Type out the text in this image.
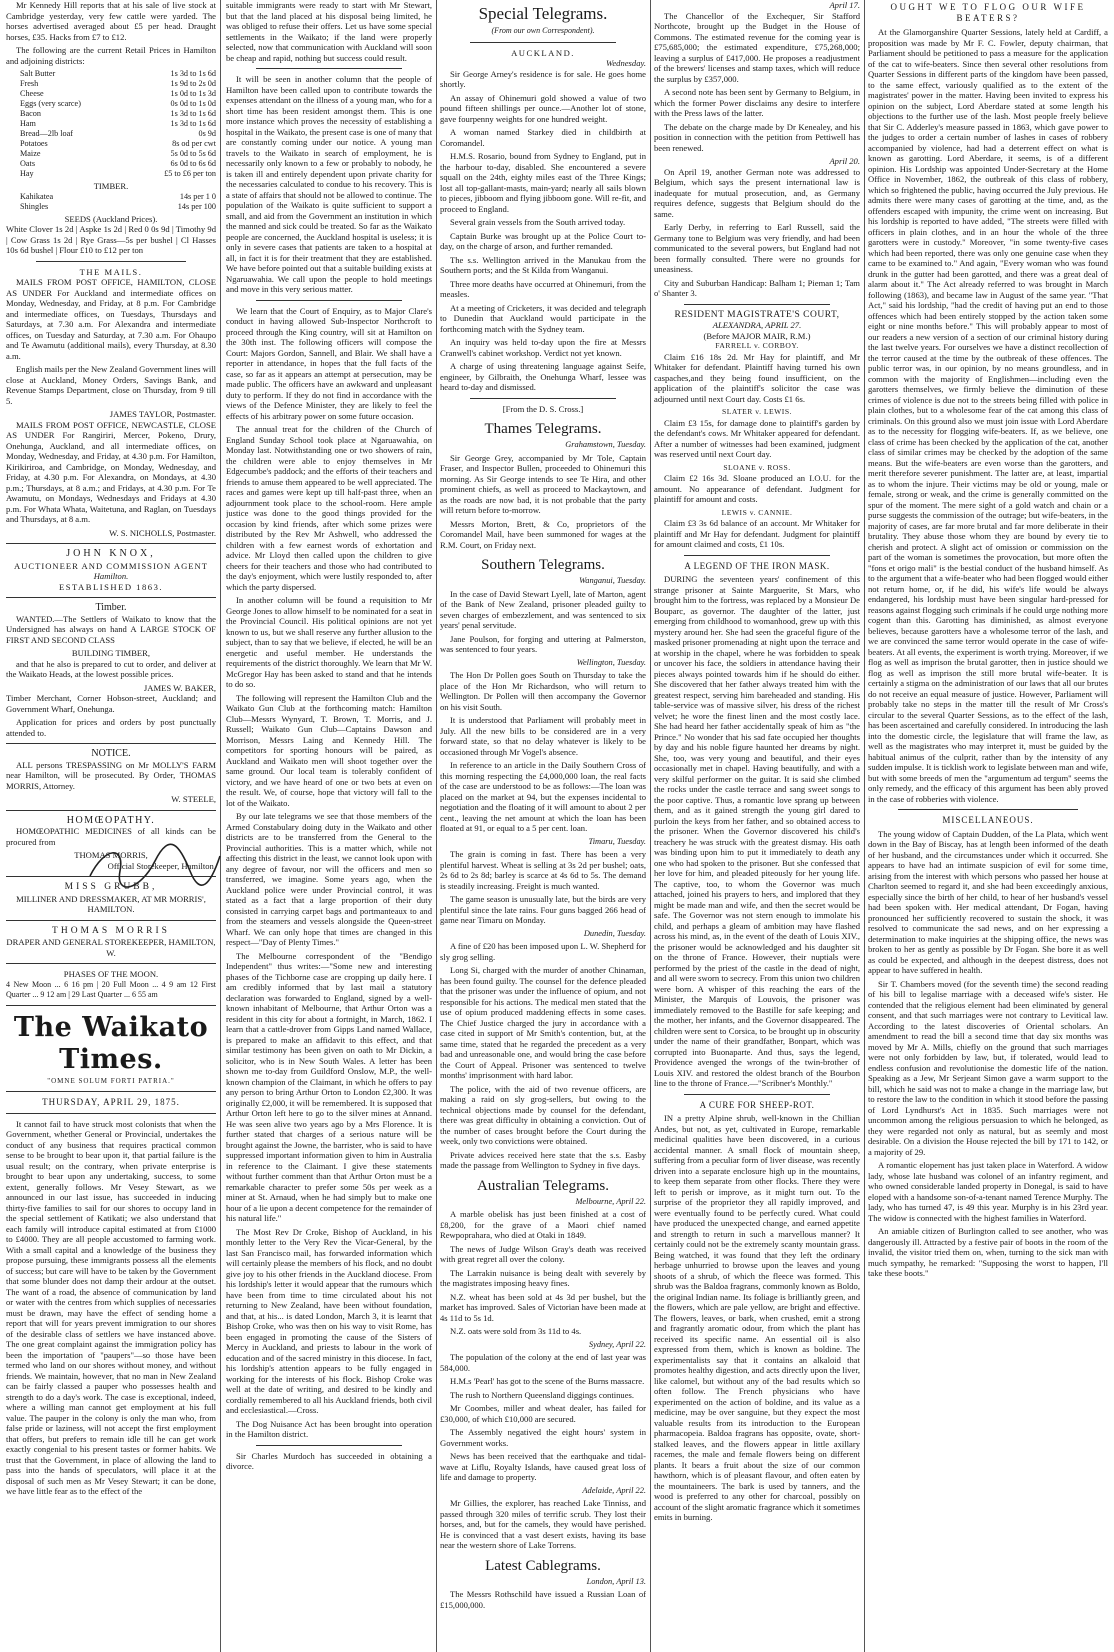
Mr Kennedy Hill reports that at his sale of live stock at Cambridge yesterday, very few cattle were yarded. The horses advertised averaged about £5 per head. Draught horses, £35. Hacks from £7 to £12.

The following are the current Retail Prices in Hamilton and adjoining districts:

Salt Butter	1s 3d to 1s 6d
Fresh	1s 9d to 2s 0d
Cheese	1s 0d to 1s 3d
Eggs (very scarce)	0s 0d to 1s 0d
Bacon	1s 3d to 1s 6d
Ham	1s 3d to 1s 6d
Bread—2lb loaf	0s 9d
Potatoes	8s od per cwt
Maize	5s 0d to 5s 6d
Oats	6s 0d to 6s 6d
Hay	£5 to £6 per ton
TIMBER.
Kahikatea	14s per 1 0
Shingles	14s per 100
SEEDS (Auckland Prices).

White Clover 1s 2d | Aspke 1s 2d | Red 0 0s 9d | Timothy 9d | Cow Grass 1s 2d | Rye Grass—5s per bushel | Cl Hasses 10s 6d bushel | Flour £10 to £12 per ton

THE MAILS.

MAILS FROM POST OFFICE, HAMILTON, CLOSE AS UNDER For Auckland and intermediate offices on Monday, Wednesday, and Friday, at 8 p.m. For Cambridge and intermediate offices, on Tuesdays, Thursdays and Saturdays, at 7.30 a.m. For Alexandra and intermediate offices, on Tuesday and Saturday, at 7.30 a.m. For Ohaupo and Te Awamutu (additional mails), every Thursday, at 8.30 a.m.

English mails per the New Zealand Government lines will close at Auckland, Money Orders, Savings Bank, and Revenue Stamps Department, close on Thursday, from 9 till 5.

JAMES TAYLOR, Postmaster.

MAILS FROM POST OFFICE, NEWCASTLE, CLOSE AS UNDER For Rangiriri, Mercer, Pokeno, Drury, Onehunga, Auckland, and all intermediate offices, on Monday, Wednesday, and Friday, at 4.30 p.m. For Hamilton, Kirikiriroa, and Cambridge, on Monday, Wednesday, and Friday, at 4.30 p.m. For Alexandra, on Mondays, at 4.30 p.m.; Thursdays, at 8 a.m.; and Fridays, at 4.30 p.m. For Te Awamutu, on Mondays, Wednesdays and Fridays at 4.30 p.m. For Whata Whata, Waitetuna, and Raglan, on Tuesdays and Thursdays, at 8 a.m.

W. S. NICHOLLS, Postmaster.
JOHN KNOX,
AUCTIONEER AND COMMISSION AGENT
Hamilton.
ESTABLISHED 1863.
Timber.

WANTED.—The Settlers of Waikato to know that the Undersigned has always on hand A LARGE STOCK OF FIRST AND SECOND CLASS

BUILDING TIMBER,

and that he also is prepared to cut to order, and deliver at the Waikato Heads, at the lowest possible prices.

JAMES W. BAKER,

Timber Merchant, Corner Hobson-street, Auckland; and Government Wharf, Onehunga.

Application for prices and orders by post punctually attended to.

NOTICE.

ALL persons TRESPASSING on Mr MOLLY'S FARM near Hamilton, will be prosecuted. By Order, THOMAS MORRIS, Attorney.

W. STEELE,
HOMŒOPATHY.

HOMŒOPATHIC MEDICINES of all kinds can be procured from

THOMAS MORRIS,
Official Storekeeper, Hamilton.
MISS GRUBB,
MILLINER AND DRESSMAKER, AT MR MORRIS', HAMILTON.
THOMAS MORRIS
DRAPER AND GENERAL STOREKEEPER, HAMILTON, W.
PHASES OF THE MOON.

4 New Moon ... 6 16 pm | 20 Full Moon ... 4 9 am 12 First Quarter ... 9 12 am | 29 Last Quarter ... 6 55 am

The Waikato Times.
"OMNE SOLUM FORTI PATRIA."
THURSDAY, APRIL 29, 1875.

It cannot fail to have struck most colonists that when the Government, whether General or Provincial, undertakes the conduct of any business that requires practical common sense to be brought to bear upon it, that partial failure is the usual result; on the contrary, when private enterprise is brought to bear upon any undertaking, success, to some extent, generally follows. Mr Vesey Stewart, as we announced in our last issue, has succeeded in inducing thirty-five families to sail for our shores to occupy land in the special settlement of Katikati; we also understand that each family will introduce capital estimated at from £1000 to £4000. They are all people accustomed to farming work. With a small capital and a knowledge of the business they propose pursuing, these immigrants possess all the elements of success; but care will have to be taken by the Government that some blunder does not damp their ardour at the outset. The want of a road, the absence of communication by land or water with the centres from which supplies of necessaries must be drawn, may have the effect of sending home a report that will for years prevent immigration to our shores of the desirable class of settlers we have instanced above. The one great complaint against the immigration policy has been the importation of "paupers"—so those have been termed who land on our shores without money, and without friends. We maintain, however, that no man in New Zealand can be fairly classed a pauper who possesses health and strength to do a day's work. The case is exceptional, indeed, where a willing man cannot get employment at his full value. The pauper in the colony is only the man who, from false pride or laziness, will not accept the first employment that offers, but prefers to remain idle till he can get work exactly congenial to his present tastes or former habits. We trust that the Government, in place of allowing the land to pass into the hands of speculators, will place it at the disposal of such men as Mr Vesey Stewart; it can be done, we have little fear as to the effect of the

suitable immigrants were ready to start with Mr Stewart, but that the land placed at his disposal being limited, he was obliged to refuse their offers. Let us have some special settlements in the Waikato; if the land were properly selected, now that communication with Auckland will soon be cheap and rapid, nothing but success could result.

It will be seen in another column that the people of Hamilton have been called upon to contribute towards the expenses attendant on the illness of a young man, who for a short time has been resident amongst them. This is one more instance which proves the necessity of establishing a hospital in the Waikato, the present case is one of many that are constantly coming under our notice. A young man travels to the Waikato in search of employment, he is necessarily only known to a few or probably to nobody, he is taken ill and entirely dependent upon private charity for the necessaries calculated to condue to his recovery. This is a state of affairs that should not be allowed to continue. The population of the Waikato is quite sufficient to support a small, and aid from the Government an institution in which the manned and sick could be treated. So far as the Waikato people are concerned, the Auckland hospital is useless; it is only in severe cases that patients are taken to a hospital at all, in fact it is for their treatment that they are established. We have before pointed out that a suitable building exists at Ngaruawahia. We call upon the people to hold meetings and move in this very serious matter.

We learn that the Court of Enquiry, as to Major Clare's conduct in having allowed Sub-Inspector Northcroft to proceed through the King country, will sit at Hamilton on the 30th inst. The following officers will compose the Court: Majors Gordon, Sannell, and Blair. We shall have a reporter in attendance, in hopes that the full facts of the case, so far as it appears an attempt at persecution, may be made public. The officers have an awkward and unpleasant duty to perform. If they do not find in accordance with the views of the Defence Minister, they are likely to feel the effects of his arbitrary power on some future occasion.

The annual treat for the children of the Church of England Sunday School took place at Ngaruawahia, on Monday last. Notwithstanding one or two showers of rain, the children were able to enjoy themselves in Mr Edgecumbe's paddock; and the efforts of their teachers and friends to amuse them appeared to be well appreciated. The races and games were kept up till half-past three, when an adjournment took place to the school-room. Here ample justice was done to the good things provided for the occasion by kind friends, after which some prizes were distributed by the Rev Mr Ashwell, who addressed the children with a few earnest words of exhortation and advice. Mr Lloyd then called upon the children to give cheers for their teachers and those who had contributed to the day's enjoyment, which were lustily responded to, after which the party dispersed.

In another column will be found a requisition to Mr George Jones to allow himself to be nominated for a seat in the Provincial Council. His political opinions are not yet known to us, but we shall reserve any further allusion to the subject, than to say that we believe, if elected, he will be an energetic and useful member. He understands the requirements of the district thoroughly. We learn that Mr W. McGregor Hay has been asked to stand and that he intends to do so.

The following will represent the Hamilton Club and the Waikato Gun Club at the forthcoming match: Hamilton Club—Messrs Wynyard, T. Brown, T. Morris, and J. Russell; Waikato Gun Club—Captains Dawson and Morrison, Messrs Laing and Kennedy Hill. The competitors for sporting honours will be paired, as Auckland and Waikato men will shoot together over the same ground. Our local team is tolerably confident of victory, and we have heard of one or two bets at even on the result. We, of course, hope that victory will fall to the lot of the Waikato.

By our late telegrams we see that those members of the Armed Constabulary doing duty in the Waikato and other districts are to be transferred from the General to the Provincial authorities. This is a matter which, while not affecting this district in the least, we cannot look upon with any degree of favour, nor will the officers and men so transferred, we imagine. Some years ago, when the Auckland police were under Provincial control, it was stated as a fact that a large proportion of their duty consisted in carrying carpet bags and portmanteaux to and from the steamers and vessels alongside the Queen-street Wharf. We can only hope that times are changed in this respect—"Day of Plenty Times."

The Melbourne correspondent of the "Bendigo Independent" thus writes:—"Some new and interesting phases of the Tichborne case are cropping up daily here. I am credibly informed that by last mail a statutory declaration was forwarded to England, signed by a well-known inhabitant of Melbourne, that Arthur Orton was a resident in this city for about a fortnight, in March, 1862. I learn that a cattle-drover from Gipps Land named Wallace, is prepared to make an affidavit to this effect, and that similar testimony has been given on oath to Mr Dickin, a solicitor, who is in New South Wales. A letter has been shown me to-day from Guildford Onslow, M.P., the well-known champion of the Claimant, in which he offers to pay any person to bring Arthur Orton to London £2,300. It was originally £2,000, it will be remembered. It is supposed that Arthur Orton left here to go to the silver mines at Annand. He was seen alive two years ago by a Mrs Florence. It is further stated that charges of a serious nature will be brought against the Jowne, the barrister, who is said to have suppressed important information given to him in Australia in reference to the Claimant. I give these statements without further comment than that Arthur Orton must be a remarkable character to prefer some 50s per week as a miner at St. Arnaud, when he had simply but to make one hour of a lie upon a decent competence for the remainder of his natural life."

The Most Rev Dr Croke, Bishop of Auckland, in his monthly letter to the Very Rev the Vicar-General, by the last San Francisco mail, has forwarded information which will certainly please the members of his flock, and no doubt give joy to his other friends in the Auckland diocese. From his lordship's letter it would appear that the rumours which have been from time to time circulated about his not returning to New Zealand, have been without foundation, and that, at his... is dated London, March 3, it is learnt that Bishop Croke, who was then on his way to visit Rome, has been engaged in promoting the cause of the Sisters of Mercy in Auckland, and priests to labour in the work of education and of the sacred ministry in this diocese. In fact, his lordship's attention appears to be fully engaged in working for the interests of his flock. Bishop Croke was well at the date of writing, and desired to be kindly and cordially remembered to all his Auckland friends, both civil and ecclesiastical.—Cross.

The Dog Nuisance Act has been brought into operation in the Hamilton district.

Sir Charles Murdoch has succeeded in obtaining a divorce.

Special Telegrams.
(From our own Correspondent).
AUCKLAND.
Wednesday.

Sir George Arney's residence is for sale. He goes home shortly.

An assay of Ohinemuri gold showed a value of two pound fifteen shillings per ounce.—Another lot of stone, gave fourpenny weights for one hundred weight.

A woman named Starkey died in childbirth at Coromandel.

H.M.S. Rosario, bound from Sydney to England, put in the harbour to-day, disabled. She encountered a severe squall on the 24th, eighty miles east of the Three Kings; lost all top-gallant-masts, main-yard; nearly all sails blown to pieces, jibboom and flying jibboom gone. Will re-fit, and proceed to England.

Several grain vessels from the South arrived today.

Captain Burke was brought up at the Police Court to-day, on the charge of arson, and further remanded.

The s.s. Wellington arrived in the Manukau from the Southern ports; and the St Kilda from Wanganui.

Three more deaths have occurred at Ohinemuri, from the measles.

At a meeting of Cricketers, it was decided and telegraph to Dunedin that Auckland would participate in the forthcoming match with the Sydney team.

An inquiry was held to-day upon the fire at Messrs Cranwell's cabinet workshop. Verdict not yet known.

A charge of using threatening language against Seife, engineer, by Gilbraith, the Onehunga Wharf, lessee was heard to-day and dismissed.

[From the D. S. Cross.]
Thames Telegrams.
Grahamstown, Tuesday.

Sir George Grey, accompanied by Mr Tole, Captain Fraser, and Inspector Bullen, proceeded to Ohinemuri this morning. As Sir George intends to see Te Hira, and other prominent chiefs, as well as proceed to Mackaytown, and as the roads are now bad, it is not probable that the party will return before to-morrow.

Messrs Morton, Brett, & Co, proprietors of the Coromandel Mail, have been summoned for wages at the R.M. Court, on Friday next.

Southern Telegrams.
Wanganui, Tuesday.

In the case of David Stewart Lyell, late of Marton, agent of the Bank of New Zealand, prisoner pleaded guilty to seven charges of embezzlement, and was sentenced to six years' penal servitude.

Jane Poulson, for forging and uttering at Palmerston, was sentenced to four years.

Wellington, Tuesday.

The Hon Dr Pollen goes South on Thursday to take the place of the Hon Mr Richardson, who will return to Wellington. Dr Pollen will then accompany the Governor on his visit South.

It is understood that Parliament will probably meet in July. All the new bills to be considered are in a very forward state, so that no delay whatever is likely to be occasioned through Mr Vogel's absence.

In reference to an article in the Daily Southern Cross of this morning respecting the £4,000,000 loan, the real facts of the case are understood to be as follows:—The loan was placed on the market at 94, but the expenses incidental to negotiation and the floating of it will amount to about 2 per cent., leaving the net amount at which the loan has been floated at 91, or equal to a 5 per cent. loan.

Timaru, Tuesday.

The grain is coming in fast. There has been a very plentiful harvest. Wheat is selling at 3s 2d per bushel; oats, 2s 6d to 2s 8d; barley is scarce at 4s 6d to 5s. The demand is steadily increasing. Freight is much wanted.

The game season is unusually late, but the birds are very plentiful since the late rains. Four guns bagged 266 head of game near Timaru on Monday.

Dunedin, Tuesday.

A fine of £20 has been imposed upon L. W. Shepherd for sly grog selling.

Long Si, charged with the murder of another Chinaman, has been found guilty. The counsel for the defence pleaded that the prisoner was under the influence of opium, and not responsible for his actions. The medical men stated that the use of opium produced maddening effects in some cases. The Chief Justice charged the jury in accordance with a case cited in support of Mr Smith's contention, but, at the same time, stated that he regarded the precedent as a very bad and unreasonable one, and would bring the case before the Court of Appeal. Prisoner was sentenced to twelve months' imprisonment with hard labor.

The police, with the aid of two revenue officers, are making a raid on sly grog-sellers, but owing to the technical objections made by counsel for the defendant, there was great difficulty in obtaining a conviction. Out of the number of cases brought before the Court during the week, only two convictions were obtained.

Private advices received here state that the s.s. Easby made the passage from Wellington to Sydney in five days.

Australian Telegrams.
Melbourne, April 22.

A marble obelisk has just been finished at a cost of £8,200, for the grave of a Maori chief named Rewpoprahara, who died at Otaki in 1849.

The news of Judge Wilson Gray's death was received with great regret all over the colony.

The Larrakin nuisance is being dealt with severely by the magistrates imposing heavy fines.

N.Z. wheat has been sold at 4s 3d per bushel, but the market has improved. Sales of Victorian have been made at 4s 11d to 5s 1d.

N.Z. oats were sold from 3s 11d to 4s.

Sydney, April 22.

The population of the colony at the end of last year was 584,000.

H.M.s 'Pearl' has got to the scene of the Burns massacre.

The rush to Northern Queensland diggings continues.

Mr Coombes, miller and wheat dealer, has failed for £30,000, of which £10,000 are secured.

The Assembly negatived the eight hours' system in Government works.

News has been received that the earthquake and tidal-wave at Liflu, Royalty Islands, have caused great loss of life and damage to property.

Adelaide, April 22.

Mr Gillies, the explorer, has reached Lake Tinniss, and passed through 320 miles of terrific scrub. They lost their horses, and, but for the camels, they would have perished. He is convinced that a vast desert exists, having its base near the western shore of Lake Torrens.

Latest Cablegrams.
London, April 13.

The Messrs Rothschild have issued a Russian Loan of £15,000,000.

April 17.

The Chancellor of the Exchequer, Sir Stafford Northcote, brought up the Budget in the House of Commons. The estimated revenue for the coming year is £75,685,000; the estimated expenditure, £75,268,000; leaving a surplus of £417,000. He proposes a readjustment of the brewers' licenses and stamp taxes, which will reduce the surplus by £357,000.

A second note has been sent by Germany to Belgium, in which the former Power disclaims any desire to interfere with the Press laws of the latter.

The debate on the charge made by Dr Kenealey, and his position in connection with the petition from Pettiwell has been renewed.

April 20.

On April 19, another German note was addressed to Belgium, which says the present international law is inadequate for mutual prosecution, and, as Germany requires defence, suggests that Belgium should do the same.

Early Derby, in referring to Earl Russell, said the Germany tone to Belgium was very friendly, and had been communicated to the several powers, but England had not been formally consulted. There were no grounds for uneasiness.

City and Suburban Handicap: Balham 1; Pieman 1; Tam o' Shanter 3.

RESIDENT MAGISTRATE'S COURT,
ALEXANDRA, APRIL 27.
(Before MAJOR MAIR, R.M.)
FARRELL v. CORBOY.

Claim £16 18s 2d. Mr Hay for plaintiff, and Mr Whitaker for defendant. Plaintiff having turned his own caspaches,and they being found insufficient, on the application of the plaintiff's solicitor the case was adjourned until next Court day. Costs £1 6s.

SLATER v. LEWIS.

Claim £3 15s, for damage done to plaintiff's garden by the defendant's cows. Mr Whitaker appeared for defendant. After a number of witnesses had been examined, judgment was reserved until next Court day.

SLOANE v. ROSS.

Claim £2 16s 3d. Sloane produced an I.O.U. for the amount. No appearance of defendant. Judgment for plaintiff for amount and costs.

LEWIS v. CANNIE.

Claim £3 3s 6d balance of an account. Mr Whitaker for plaintiff and Mr Hay for defendant. Judgment for plaintiff for amount claimed and costs, £1 10s.

A LEGEND OF THE IRON MASK.

DURING the seventeen years' confinement of this strange prisoner at Sainte Marguerite, St Mars, who brought him to the fortress, was replaced by a Monsieur De Bouparc, as governor. The daughter of the latter, just emerging from childhood to womanhood, grew up with this mystery around her. She had seen the graceful figure of the masked prisoner promenading at night upon the terrace and at worship in the chapel, where he was forbidden to speak or uncover his face, the soldiers in attendance having their pieces always pointed towards him if he should do either. She discovered that her father always treated him with the greatest respect, serving him bareheaded and standing. His table-service was of massive silver, his dress of the richest velvet; he wore the finest linen and the most costly lace. She had heard her father accidentally speak of him as "the Prince." No wonder that his sad fate occupied her thoughts by day and his noble figure haunted her dreams by night. She, too, was very young and beautiful, and their eyes occasionally met in chapel. Having beautifully, and with a very skilful performer on the guitar. It is said she climbed the rocks under the castle terrace and sang sweet songs to the poor captive. Thus, a romantic love sprang up between them, and as it gained strength the young girl dared to purloin the keys from her father, and so obtained access to the prisoner. When the Governor discovered his child's treachery he was struck with the greatest dismay. His oath was binding upon him to put it immediately to death any one who had spoken to the prisoner. But she confessed that her love for him, and pleaded piteously for her young life. The captive, too, to whom the Governor was much attached, joined his prayers to hers, and implored that they might be made man and wife, and then the secret would be safe. The Governor was not stern enough to immolate his child, and perhaps a gleam of ambition may have flashed across his mind, as, in the event of the death of Louis XIV., the prisoner would be acknowledged and his daughter sit on the throne of France. However, their nuptials were performed by the priest of the castle in the dead of night, and all were sworn to secrecy. From this union two children were born. A whisper of this reaching the ears of the Minister, the Marquis of Louvois, the prisoner was immediately removed to the Bastille for safe keeping; and the mother, her infants, and the Governor disappeared. The children were sent to Corsica, to be brought up in obscurity under the name of their grandfather, Bonpart, which was corrupted into Buonaparte. And thus, says the legend, Providence avenged the wrongs of the twin-brother of Louis XIV. and restored the oldest branch of the Bourbon line to the throne of France.—"Scribner's Monthly."

A CURE FOR SHEEP-ROT.

IN a pretty Alpine shrub, well-known in the Chillian Andes, but not, as yet, cultivated in Europe, remarkable medicinal qualities have been discovered, in a curious accidental manner. A small flock of mountain sheep, suffering from a peculiar form of liver disease, was recently driven into a separate enclosure high up in the mountains, to keep them separate from other flocks. There they were left to perish or improve, as it might turn out. To the surprise of the proprietor they all rapidly improved, and were eventually found to be perfectly cured. What could have produced the unexpected change, and earned appetite and strength to return in such a marvellous manner? It certainly could not be the extremely scanty mountain grass. Being watched, it was found that they left the ordinary herbage unhurried to browse upon the leaves and young shoots of a shrub, of which the fleece was formed. This shrub was the Baldoa fragrans, commonly known as Boldo, the original Indian name. Its foliage is brilliantly green, and the flowers, which are pale yellow, are bright and effective. The flowers, leaves, or bark, when crushed, emit a strong and fragrantly aromatic odour, from which the plant has received its specific name. An essential oil is also expressed from them, which is known as boldine. The experimentalists say that it contains an alkaloid that promotes healthy digestion, and acts directly upon the liver, like calomel, but without any of the bad results which so often follow. The French physicians who have experimented on the action of boldine, and its value as a medicine, may be over sanguine, but they expect the most valuable results from its introduction to the European pharmacopeia. Baldoa fragrans has opposite, ovate, short-stalked leaves, and the flowers appear in little axillary racemes, the male and female flowers being on different plants. It bears a fruit about the size of our common hawthorn, which is of pleasant flavour, and often eaten by the mountaineers. The bark is used by tanners, and the wood is preferred to any other for charcoal, possibly on account of the slight aromatic fragrance which it sometimes emits in burning.

OUGHT WE TO FLOG OUR WIFE BEATERS?

At the Glamorganshire Quarter Sessions, lately held at Cardiff, a proposition was made by Mr F. C. Fowler, deputy chairman, that Parliament should be petitioned to pass a measure for the application of the cat to wife-beaters. Since then several other resolutions from Quarter Sessions in different parts of the kingdom have been passed, to the same effect, variously qualified as to the extent of the magistrates' power in the matter. Having been invited to express his opinion on the subject, Lord Aberdare stated at some length his objections to the further use of the lash. Most people freely believe that Sir C. Adderley's measure passed in 1863, which gave power to the judges to order a certain number of lashes in cases of robbery accompanied by violence, had had a deterrent effect on what is known as garotting. Lord Aberdare, it seems, is of a different opinion. His Lordship was appointed Under-Secretary at the Home Office in November, 1862, the outbreak of this class of robbery, which so frightened the public, having occurred the July previous. He admits there were many cases of garotting at the time, and, as the offenders escaped with impunity, the crime went on increasing. But his lordship is reported to have added, "The streets were filled with officers in plain clothes, and in an hour the whole of the three garotters were in custody." Moreover, "in some twenty-five cases which had been reported, there was only one genuine case when they came to be examined to." And again, "Every woman who was found drunk in the gutter had been garotted, and there was a great deal of alarm about it." The Act already referred to was brought in March following (1863), and became law in August of the same year. "That Act," said his lordship, "had the credit of having put an end to those offences which had been entirely stopped by the action taken some eight or nine months before." This will probably appear to most of our readers a new version of a section of our criminal history during the last twelve years. For ourselves we have a distinct recollection of the terror caused at the time by the outbreak of these offences. The public terror was, in our opinion, by no means groundless, and in common with the majority of Englishmen—including even the garotters themselves, we firmly believe the diminution of these crimes of violence is due not to the streets being filled with police in plain clothes, but to a wholesome fear of the cat among this class of criminals. On this ground also we must join issue with Lord Aberdare as to the necessity for flogging wife-beaters. If, as we believe, one class of crime has been checked by the application of the cat, another class of similar crimes may be checked by the adoption of the same means. But the wife-beaters are even worse than the garotters, and merit therefore severer punishment. The latter are, at least, impartial as to whom the injure. Their victims may be old or young, male or female, strong or weak, and the crime is generally committed on the spur of the moment. The mere sight of a gold watch and chain or a purse suggests the commission of the outrage; but wife-beaters, in the majority of cases, are far more brutal and far more deliberate in their brutality. They abuse those whom they are bound by every tie to cherish and protect. A slight act of omission or commission on the part of the woman is sometimes the provocation, but more often the "fons et origo mali" is the bestial conduct of the husband himself. As to the argument that a wife-beater who had been flogged would either not return home, or, if he did, his wife's life would be always endangered, his lordship must have been singular hard-pressed for reasons against flogging such criminals if he could urge nothing more cogent than this. Garotting has diminished, as almost everyone believes, because garotters have a wholesome terror of the lash, and we are convinced the same terror would operate in the case of wife-beaters. At all events, the experiment is worth trying. Moreover, if we flog as well as imprison the brutal garotter, then in justice should we flog as well as imprison the still more brutal wife-beater. It is certainly a stigma on the administration of our laws that all our brutes do not receive an equal measure of justice. However, Parliament will probably take no steps in the matter till the result of Mr Cross's circular to the several Quarter Sessions, as to the effect of the lash, has been ascertained and carefully considered. In introducing the lash into the domestic circle, the legislature that will frame the law, as well as the magistrates who may interpret it, must be guided by the habitual animus of the culprit, rather than by the intensity of any sudden impulse. It is ticklish work to legislate between man and wife, but with some breeds of men the "argumentum ad tergum" seems the only remedy, and the efficacy of this argument has been ably proved in the case of robberies with violence.

MISCELLANEOUS.

The young widow of Captain Dudden, of the La Plata, which went down in the Bay of Biscay, has at length been informed of the death of her husband, and the circumstances under which it occurred. She appears to have had an intimate suspicion of evil for some time, arising from the interest with which persons who passed her house at Charlton seemed to regard it, and she had been exceedingly anxious, especially since the birth of her child, to hear of her husband's vessel had been spoken with. Her medical attendant, Dr Fogan, having pronounced her sufficiently recovered to sustain the shock, it was resolved to communicate the sad news, and on her expressing a determination to make inquiries at the shipping office, the news was broken to her as gently as possible by Dr Fogan. She bore it as well as could be expected, and although in the deepest distress, does not appear to have suffered in health.

Sir T. Chambers moved (for the seventh time) the second reading of his bill to legalise marriage with a deceased wife's sister. He contended that the religious element had been eliminated by general consent, and that such marriages were not contrary to Levitical law. According to the latest discoveries of Oriental scholars. An amendment to read the bill a second time that day six months was moved by Mr A. Mills, chiefly on the ground that such marriages were not only forbidden by law, but, if tolerated, would lead to endless confusion and revolutionise the domestic life of the nation. Speaking as a Jew, Mr Serjeant Simon gave a warm support to the bill, which he said was not to make a change in the marriage law, but to restore the law to the condition in which it stood before the passing of Lord Lyndhurst's Act in 1835. Such marriages were not uncommon among the religious persuasion to which he belonged, as they were regarded not only as natural, but as seemly and most desirable. On a division the House rejected the bill by 171 to 142, or a majority of 29.

A romantic elopement has just taken place in Waterford. A widow lady, whose late husband was colonel of an infantry regiment, and who owned considerable landed property in Donegal, is said to have eloped with a handsome son-of-a-tenant named Terence Murphy. The lady, who has turned 47, is 49 this year. Murphy is in his 23rd year. The widow is connected with the highest families in Waterford.

An amiable citizen of Burlington called to see another, who was dangerously ill. Attracted by a festive pair of boots in the room of the invalid, the visitor tried them on, when, turning to the sick man with much sympathy, he remarked: "Supposing the worst to happen, I'll take these boots."
